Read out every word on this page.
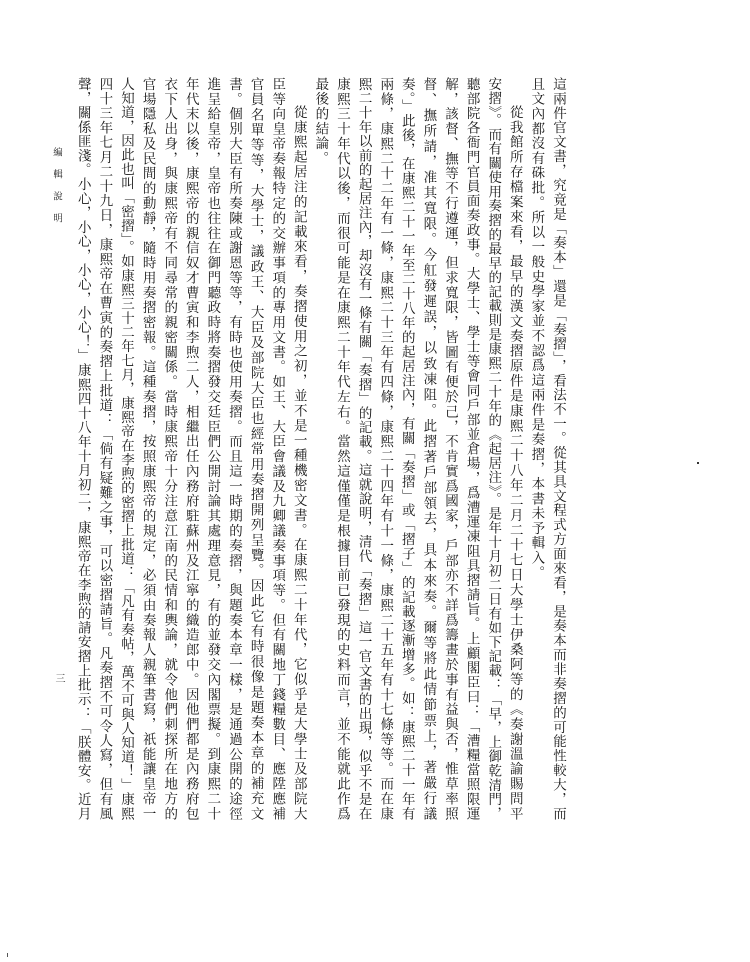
編輯說明
三	這兩件官文書，究竟是「奏本」還是「奏摺」，看法不一。從其具文程式方面來看，是奏本而非奏摺的可能性較大，而
且文內都沒有硃批。所以一般史學家並不認爲這兩件是奏摺，本書未予輯入。
從我館所存檔案來看，最早的漢文奏摺原件是康熙二十八年二月二十七日大學士伊桑阿等的《奏謝溫諭賜問平
安摺》。而有關使用奏摺的最早的記載則是康熙二十年的《起居注》。是年十月初二日有如下記載：「早，上御乾清門，
聽部院各衙門官員面奏政事。大學士、學士等會同戶部並倉場，爲漕運凍阻具摺請旨。上顧閣臣曰：「漕糧當照限運
解，該督、撫等不行遵運，但求寬限，皆圖有便於己，不肯實爲國家，戶部亦不詳爲籌畫於事有益與否，惟草率照
督、撫所請，准其寬限。今舡發遲誤，以致凍阻。此摺著戶部領去，具本來奏。爾等將此情節票上，著嚴行議
奏。」此後，在康熙二十一年至二十八年的起居注內，有關「奏摺」或「摺子」的記載逐漸增多。如：康熙二十一年有
兩條，康熙二十二年有一條，康熙二十三年有四條，康熙二十四年有十一條，康熙二十五年有十七條等等。而在康
熙二十年以前的起居注內，却沒有一條有關「奏摺」的記載。這就說明，清代「奏摺」這一官文書的出現，似乎不是在
康熙三十年代以後，而很可能是在康熙二十年代左右。當然這僅僅是根據目前已發現的史料而言，並不能就此作爲
最後的結論。
從康熙起居注的記載來看，奏摺使用之初，並不是一種機密文書。在康熙二十年代，它似乎是大學士及部院大
臣等向皇帝奏報特定的交辦事項的專用文書。如王、大臣會議及九卿議奏事項等。但有關地丁錢糧數目、應陞應補
官員名單等等，大學士，議政王、大臣及部院大臣也經常用奏摺開列呈覽。因此它有時很像是題奏本章的補充文
書。個別大臣有所奏陳或謝恩等等，有時也使用奏摺。而且這一時期的奏摺，與題奏本章一樣，是通過公開的途徑
進呈給皇帝，皇帝也往往在御門聽政時將奏摺發交廷臣們公開討論其處理意見，有的並發交內閣票擬。到康熙二十
年代末以後，康熙帝的親信奴才曹寅和李煦二人，相繼出任內務府駐蘇州及江寧的織造郎中。因他們都是內務府包
衣下人出身，與康熙帝有不同尋常的親密關係。當時康熙帝十分注意江南的民情和輿論，就令他們刺探所在地方的
官場隱私及民間的動靜，隨時用奏摺密報。這種奏摺，按照康熙帝的規定，必須由奏報人親筆書寫，祇能讓皇帝一
人知道，因此也叫「密摺」。如康熙三十二年七月，康熙帝在李煦的密摺上批道：「凡有奏帖，萬不可與人知道！」康熙
四十三年七月二十九日，康熙帝在曹寅的奏摺上批道：「倘有疑難之事，可以密摺請旨。凡奏摺不可令人寫，但有風
聲，關係匪淺。小心，小心，小心，小心！」康熙四十八年十月初二，康熙帝在李煦的請安摺上批示：「朕體安。近月
